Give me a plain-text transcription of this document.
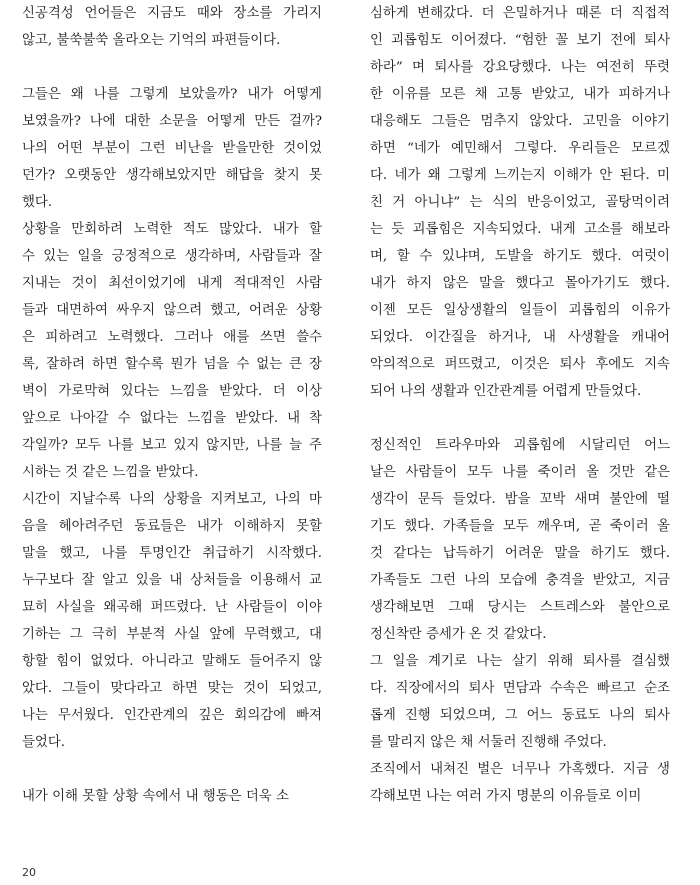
신공격성 언어들은 지금도 때와 장소를 가리지
않고, 불쑥불쑥 올라오는 기억의 파편들이다.
그들은 왜 나를 그렇게 보았을까? 내가 어떻게
보였을까? 나에 대한 소문을 어떻게 만든 걸까?
나의 어떤 부분이 그런 비난을 받을만한 것이었
던가? 오랫동안 생각해보았지만 해답을 찾지 못
했다.
상황을 만회하려 노력한 적도 많았다. 내가 할
수 있는 일을 긍정적으로 생각하며, 사람들과 잘
지내는 것이 최선이었기에 내게 적대적인 사람
들과 대면하여 싸우지 않으려 했고, 어려운 상황
은 피하려고 노력했다. 그러나 애를 쓰면 쓸수
록, 잘하려 하면 할수록 뭔가 넘을 수 없는 큰 장
벽이 가로막혀 있다는 느낌을 받았다. 더 이상
앞으로 나아갈 수 없다는 느낌을 받았다. 내 착
각일까? 모두 나를 보고 있지 않지만, 나를 늘 주
시하는 것 같은 느낌을 받았다.
시간이 지날수록 나의 상황을 지켜보고, 나의 마
음을 헤아려주던 동료들은 내가 이해하지 못할
말을 했고, 나를 투명인간 취급하기 시작했다.
누구보다 잘 알고 있을 내 상처들을 이용해서 교
묘히 사실을 왜곡해 퍼뜨렸다. 난 사람들이 이야
기하는 그 극히 부분적 사실 앞에 무력했고, 대
항할 힘이 없었다. 아니라고 말해도 들어주지 않
았다. 그들이 맞다라고 하면 맞는 것이 되었고,
나는 무서웠다. 인간관계의 깊은 회의감에 빠져
들었다.
내가 이해 못할 상황 속에서 내 행동은 더욱 소
심하게 변해갔다. 더 은밀하거나 때론 더 직접적
인 괴롭힘도 이어졌다. “험한 꼴 보기 전에 퇴사
하라” 며 퇴사를 강요당했다. 나는 여전히 뚜렷
한 이유를 모른 채 고통 받았고, 내가 피하거나
대응해도 그들은 멈추지 않았다. 고민을 이야기
하면 “네가 예민해서 그렇다. 우리들은 모르겠
다. 네가 왜 그렇게 느끼는지 이해가 안 된다. 미
친 거 아니냐” 는 식의 반응이었고, 골탕먹이려
는 듯 괴롭힘은 지속되었다. 내게 고소를 해보라
며, 할 수 있냐며, 도발을 하기도 했다. 여럿이
내가 하지 않은 말을 했다고 몰아가기도 했다.
이젠 모든 일상생활의 일들이 괴롭힘의 이유가
되었다. 이간질을 하거나, 내 사생활을 캐내어
악의적으로 퍼뜨렸고, 이것은 퇴사 후에도 지속
되어 나의 생활과 인간관계를 어렵게 만들었다.
정신적인 트라우마와 괴롭힘에 시달리던 어느
날은 사람들이 모두 나를 죽이러 올 것만 같은
생각이 문득 들었다. 밤을 꼬박 새며 불안에 떨
기도 했다. 가족들을 모두 깨우며, 곧 죽이러 올
것 같다는 납득하기 어려운 말을 하기도 했다.
가족들도 그런 나의 모습에 충격을 받았고, 지금
생각해보면 그때 당시는 스트레스와 불안으로
정신착란 증세가 온 것 같았다.
그 일을 계기로 나는 살기 위해 퇴사를 결심했
다. 직장에서의 퇴사 면담과 수속은 빠르고 순조
롭게 진행 되었으며, 그 어느 동료도 나의 퇴사
를 말리지 않은 채 서둘러 진행해 주었다.
조직에서 내쳐진 벌은 너무나 가혹했다. 지금 생
각해보면 나는 여러 가지 명분의 이유들로 이미
20
